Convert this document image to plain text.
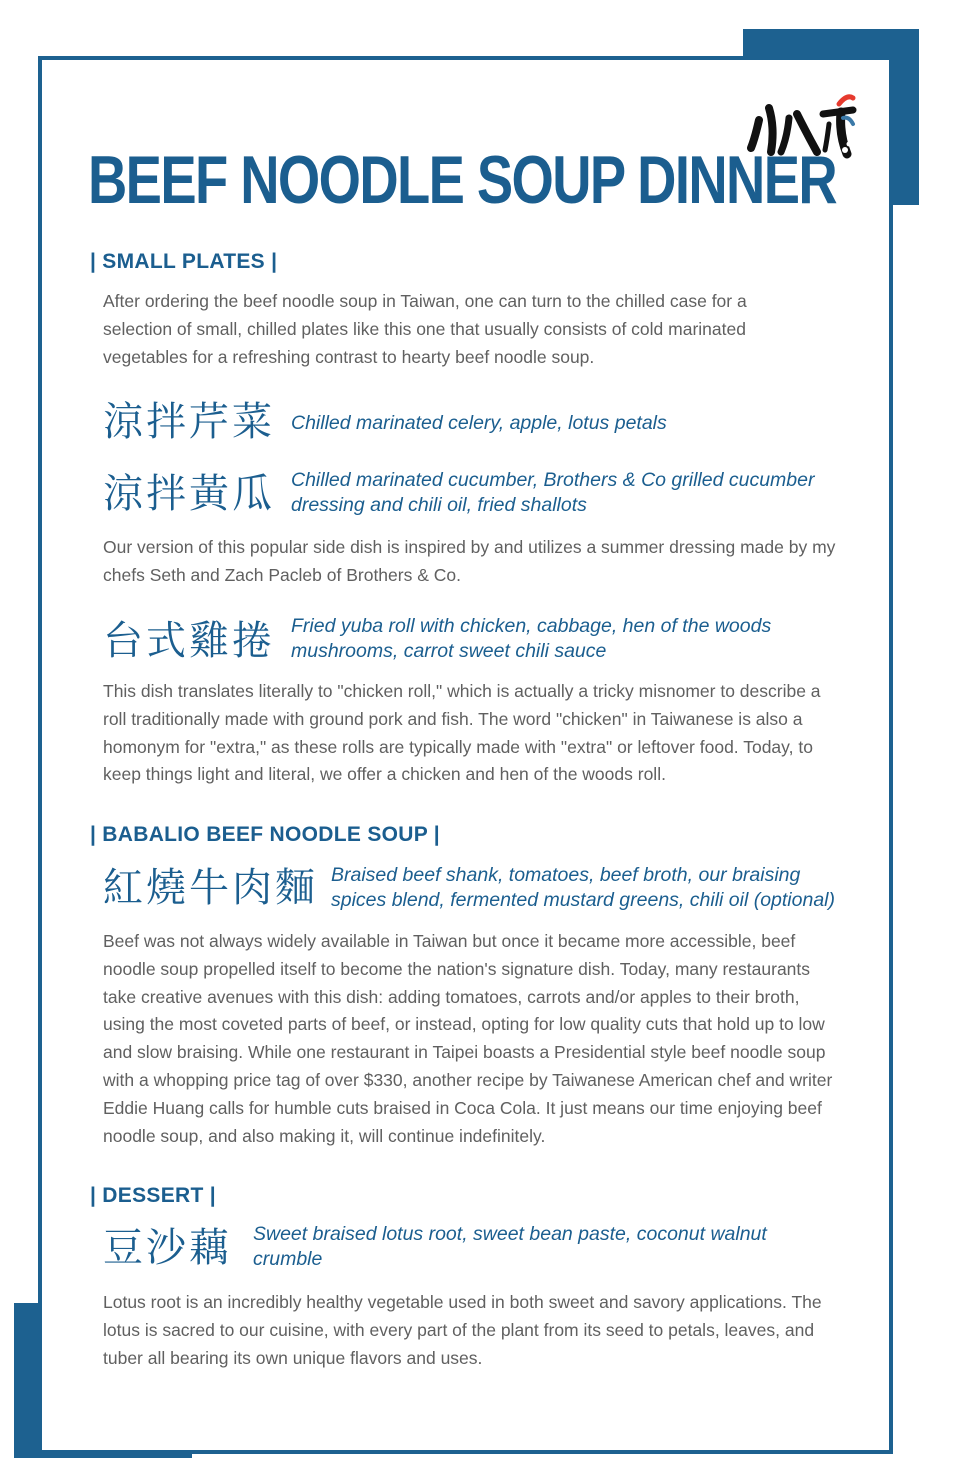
BEEF NOODLE SOUP DINNER
| SMALL PLATES |

After ordering the beef noodle soup in Taiwan, one can turn to the chilled case for a selection of small, chilled plates like this one that usually consists of cold marinated vegetables for a refreshing contrast to hearty beef noodle soup.

涼拌芹菜 Chilled marinated celery, apple, lotus petals

涼拌黃瓜 Chilled marinated cucumber, Brothers & Co grilled cucumber dressing and chili oil, fried shallots

Our version of this popular side dish is inspired by and utilizes a summer dressing made by my chefs Seth and Zach Pacleb of Brothers & Co.

台式雞捲 Fried yuba roll with chicken, cabbage, hen of the woods mushrooms, carrot sweet chili sauce

This dish translates literally to "chicken roll," which is actually a tricky misnomer to describe a roll traditionally made with ground pork and fish. The word "chicken" in Taiwanese is also a homonym for "extra," as these rolls are typically made with "extra" or leftover food. Today, to keep things light and literal, we offer a chicken and hen of the woods roll.

| BABALIO BEEF NOODLE SOUP |
紅燒牛肉麵 Braised beef shank, tomatoes, beef broth, our braising spices blend, fermented mustard greens, chili oil (optional)

Beef was not always widely available in Taiwan but once it became more accessible, beef noodle soup propelled itself to become the nation's signature dish. Today, many restaurants take creative avenues with this dish: adding tomatoes, carrots and/or apples to their broth, using the most coveted parts of beef, or instead, opting for low quality cuts that hold up to low and slow braising. While one restaurant in Taipei boasts a Presidential style beef noodle soup with a whopping price tag of over $330, another recipe by Taiwanese American chef and writer Eddie Huang calls for humble cuts braised in Coca Cola. It just means our time enjoying beef noodle soup, and also making it, will continue indefinitely.

| DESSERT |
豆沙藕 Sweet braised lotus root, sweet bean paste, coconut walnut crumble

Lotus root is an incredibly healthy vegetable used in both sweet and savory applications. The lotus is sacred to our cuisine, with every part of the plant from its seed to petals, leaves, and tuber all bearing its own unique flavors and uses.
